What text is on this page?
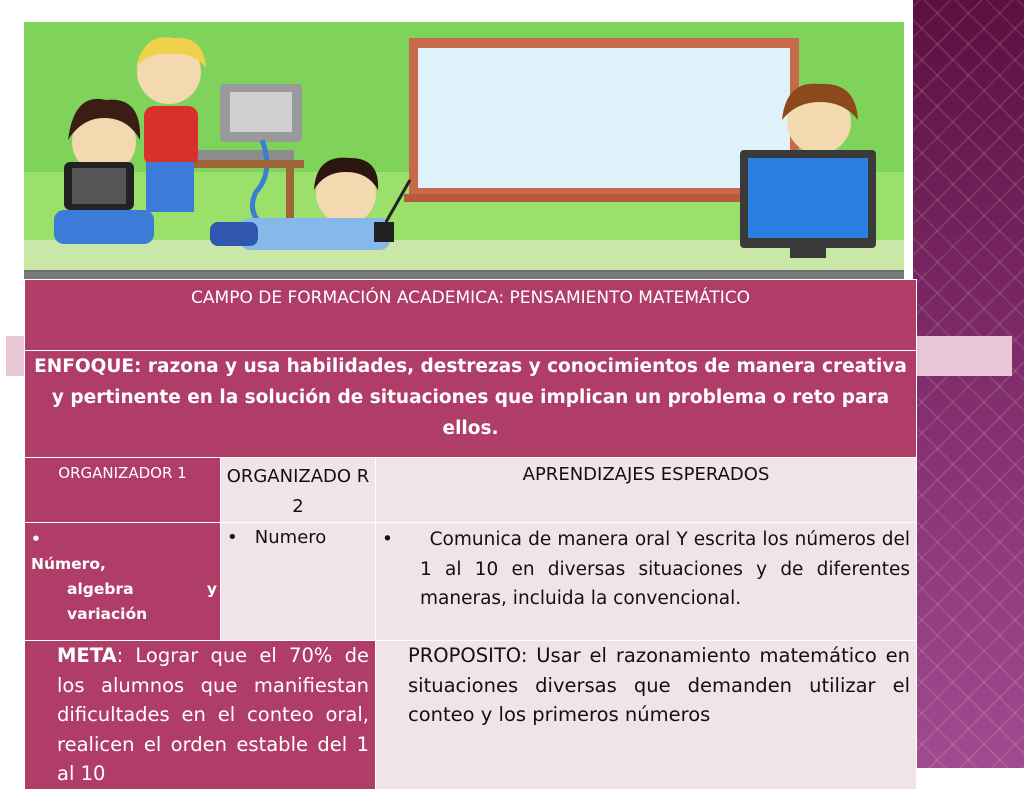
CAMPO DE FORMACIÓN ACADEMICA: PENSAMIENTO MATEMÁTICO		
ENFOQUE: razona y usa habilidades, destrezas y conocimientos de manera creativa y pertinente en la solución de situaciones que implican un problema o reto para ellos.		
ORGANIZADOR 1	ORGANIZADO R 2	APRENDIZAJES ESPERADOS
•Número,
algebra y
variación	• Numero	• Comunica de manera oral Y escrita los números del 1 al 10 en diversas situaciones y de diferentes maneras, incluida la convencional.

META: Lograr que el 70% de los alumnos que manifiestan dificultades en el conteo oral, realicen el orden estable del 1 al 10		PROPOSITO: Usar el razonamiento matemático en situaciones diversas que demanden utilizar el conteo y los primeros números
